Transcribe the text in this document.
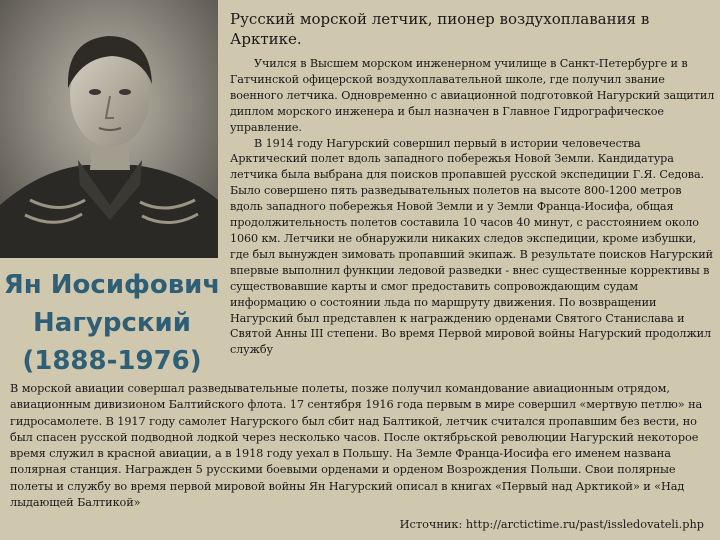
Ян Иосифович
Нагурский
(1888-1976)
Русский морской летчик, пионер воздухоплавания в Арктике.

Учился в Высшем морском инженерном училище в Санкт-Петербурге и в Гатчинской офицерской воздухоплавательной школе, где получил звание военного летчика. Одновременно с авиационной подготовкой Нагурский защитил диплом морского инженера и был назначен в Главное Гидрографическое управление.

В 1914 году Нагурский совершил первый в истории человечества Арктический полет вдоль западного побережья Новой Земли. Кандидатура летчика была выбрана для поисков пропавшей русской экспедиции Г.Я. Седова. Было совершено пять разведывательных полетов на высоте 800-1200 метров вдоль западного побережья Новой Земли и у Земли Франца-Иосифа, общая продолжительность полетов составила 10 часов 40 минут, с расстоянием около 1060 км. Летчики не обнаружили никаких следов экспедиции, кроме избушки, где был вынужден зимовать пропавший экипаж. В результате поисков Нагурский впервые выполнил функции ледовой разведки - внес существенные коррективы в существовавшие карты и смог предоставить сопровождающим судам информацию о состоянии льда по маршруту движения. По возвращении Нагурский был представлен к награждению орденами Святого Станислава и Святой Анны III степени. Во время Первой мировой войны Нагурский продолжил службу

В морской авиации совершал разведывательные полеты, позже получил командование авиационным отрядом, авиационным дивизионом Балтийского флота. 17 сентября 1916 года первым в мире совершил «мертвую петлю» на гидросамолете. В 1917 году самолет Нагурского был сбит над Балтикой, летчик считался пропавшим без вести, но был спасен русской подводной лодкой через несколько часов. После октябрьской революции Нагурский некоторое время служил в красной авиации, а в 1918 году уехал в Польшу. На Земле Франца-Иосифа его именем названа полярная станция. Награжден 5 русскими боевыми орденами и орденом Возрождения Польши. Свои полярные полеты и службу во время первой мировой войны Ян Нагурский описал в книгах «Первый над Арктикой» и «Над лыдающей Балтикой»

Источник: http://arctictime.ru/past/issledovateli.php
